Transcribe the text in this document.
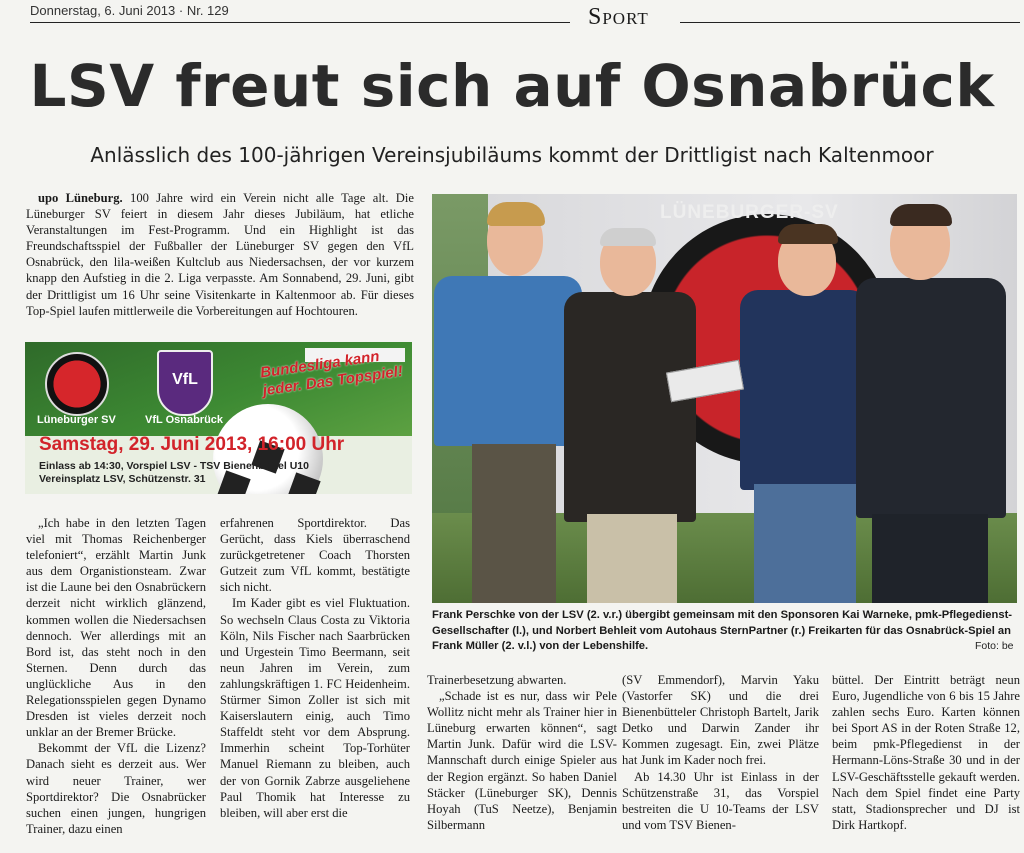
Donnerstag, 6. Juni 2013 · Nr. 129	Sport
LSV freut sich auf Osnabrück
Anlässlich des 100-jährigen Vereinsjubiläums kommt der Drittligist nach Kaltenmoor

upo Lüneburg. 100 Jahre wird ein Verein nicht alle Tage alt. Die Lüneburger SV feiert in diesem Jahr dieses Jubiläum, hat etliche Veranstaltungen im Fest-Programm. Und ein Highlight ist das Freundschaftsspiel der Fußballer der Lüneburger SV gegen den VfL Osnabrück, den lila-weißen Kultclub aus Niedersachsen, der vor kurzem knapp den Aufstieg in die 2. Liga verpasste. Am Sonnabend, 29. Juni, gibt der Drittligist um 16 Uhr seine Visitenkarte in Kaltenmoor ab. Für dieses Top-Spiel laufen mittlerweile die Vorbereitungen auf Hochtouren.

VfL
Lüneburger SV	VfL Osnabrück
Bundesliga kann jeder. Das Topspiel!
Samstag, 29. Juni 2013, 16:00 Uhr
Einlass ab 14:30, Vorspiel LSV - TSV Bienenbüttel U10
Vereinsplatz LSV, Schützenstr. 31
LÜNEBURGER-SV
Frank Perschke von der LSV (2. v.r.) übergibt gemeinsam mit den Sponsoren Kai Warneke, pmk-Pflegedienst-Gesellschafter (l.), und Norbert Behleit vom Autohaus SternPartner (r.) Freikarten für das Osnabrück-Spiel an Frank Müller (2. v.l.) von der Lebenshilfe.	Foto: be

„Ich habe in den letzten Tagen viel mit Thomas Reichenberger telefoniert“, erzählt Martin Junk aus dem Organistionsteam. Zwar ist die Laune bei den Osnabrückern derzeit nicht wirklich glänzend, kommen wollen die Niedersachsen dennoch. Wer allerdings mit an Bord ist, das steht noch in den Sternen. Denn durch das unglückliche Aus in den Relegationsspielen gegen Dynamo Dresden ist vieles derzeit noch unklar an der Bremer Brücke.

Bekommt der VfL die Lizenz? Danach sieht es derzeit aus. Wer wird neuer Trainer, wer Sportdirektor? Die Osnabrücker suchen einen jungen, hungrigen Trainer, dazu einen

erfahrenen Sportdirektor. Das Gerücht, dass Kiels überraschend zurückgetretener Coach Thorsten Gutzeit zum VfL kommt, bestätigte sich nicht.

Im Kader gibt es viel Fluktuation. So wechseln Claus Costa zu Viktoria Köln, Nils Fischer nach Saarbrücken und Urgestein Timo Beermann, seit neun Jahren im Verein, zum zahlungskräftigen 1. FC Heidenheim. Stürmer Simon Zoller ist sich mit Kaiserslautern einig, auch Timo Staffeldt steht vor dem Absprung. Immerhin scheint Top-Torhüter Manuel Riemann zu bleiben, auch der von Gornik Zabrze ausgeliehene Paul Thomik hat Interesse zu bleiben, will aber erst die

Trainerbesetzung abwarten.

„Schade ist es nur, dass wir Pele Wollitz nicht mehr als Trainer hier in Lüneburg erwarten können“, sagt Martin Junk. Dafür wird die LSV-Mannschaft durch einige Spieler aus der Region ergänzt. So haben Daniel Stäcker (Lüneburger SK), Dennis Hoyah (TuS Neetze), Benjamin Silbermann

(SV Emmendorf), Marvin Yaku (Vastorfer SK) und die drei Bienenbütteler Christoph Bartelt, Jarik Detko und Darwin Zander ihr Kommen zugesagt. Ein, zwei Plätze hat Junk im Kader noch frei.

Ab 14.30 Uhr ist Einlass in der Schützenstraße 31, das Vorspiel bestreiten die U 10-Teams der LSV und vom TSV Bienen-

büttel. Der Eintritt beträgt neun Euro, Jugendliche von 6 bis 15 Jahre zahlen sechs Euro. Karten können bei Sport AS in der Roten Straße 12, beim pmk-Pflegedienst in der Hermann-Löns-Straße 30 und in der LSV-Geschäftsstelle gekauft werden. Nach dem Spiel findet eine Party statt, Stadionsprecher und DJ ist Dirk Hartkopf.
